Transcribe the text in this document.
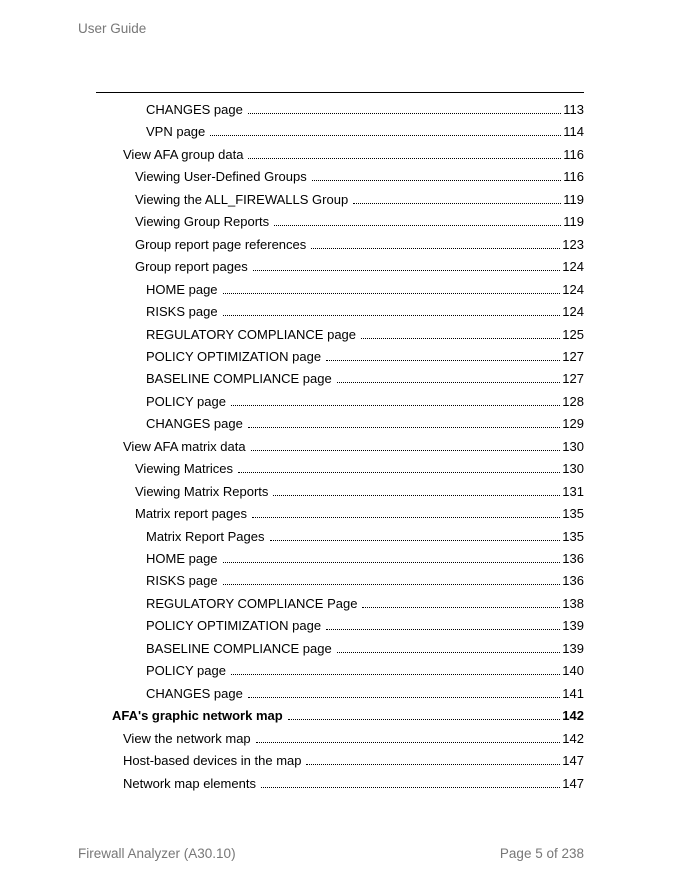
User Guide
CHANGES page	113
VPN page	114
View AFA group data	116
Viewing User-Defined Groups	116
Viewing the ALL_FIREWALLS Group	119
Viewing Group Reports	119
Group report page references	123
Group report pages	124
HOME page	124
RISKS page	124
REGULATORY COMPLIANCE page	125
POLICY OPTIMIZATION page	127
BASELINE COMPLIANCE page	127
POLICY page	128
CHANGES page	129
View AFA matrix data	130
Viewing Matrices	130
Viewing Matrix Reports	131
Matrix report pages	135
Matrix Report Pages	135
HOME page	136
RISKS page	136
REGULATORY COMPLIANCE Page	138
POLICY OPTIMIZATION page	139
BASELINE COMPLIANCE page	139
POLICY page	140
CHANGES page	141
AFA's graphic network map	142
View the network map	142
Host-based devices in the map	147
Network map elements	147
Firewall Analyzer (A30.10)	Page 5 of 238
